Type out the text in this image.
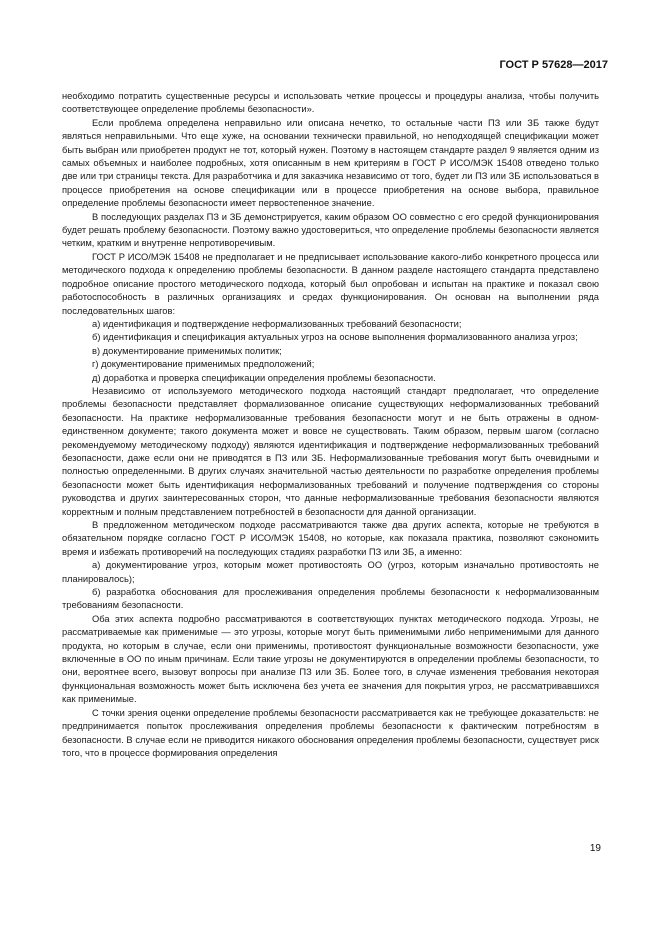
ГОСТ Р 57628—2017

необходимо потратить существенные ресурсы и использовать четкие процессы и процедуры анализа, чтобы получить соответствующее определение проблемы безопасности».

Если проблема определена неправильно или описана нечетко, то остальные части ПЗ или ЗБ также будут являться неправильными. Что еще хуже, на основании технически правильной, но неподходящей спецификации может быть выбран или приобретен продукт не тот, который нужен. Поэтому в настоящем стандарте раздел 9 является одним из самых объемных и наиболее подробных, хотя описанным в нем критериям в ГОСТ Р ИСО/МЭК 15408 отведено только две или три страницы текста. Для разработчика и для заказчика независимо от того, будет ли ПЗ или ЗБ использоваться в процессе приобретения на основе спецификации или в процессе приобретения на основе выбора, правильное определение проблемы безопасности имеет первостепенное значение.

В последующих разделах ПЗ и ЗБ демонстрируется, каким образом ОО совместно с его средой функционирования будет решать проблему безопасности. Поэтому важно удостовериться, что определение проблемы безопасности является четким, кратким и внутренне непротиворечивым.

ГОСТ Р ИСО/МЭК 15408 не предполагает и не предписывает использование какого-либо конкретного процесса или методического подхода к определению проблемы безопасности. В данном разделе настоящего стандарта представлено подробное описание простого методического подхода, который был опробован и испытан на практике и показал свою работоспособность в различных организациях и средах функционирования. Он основан на выполнении ряда последовательных шагов:

а) идентификация и подтверждение неформализованных требований безопасности;

б) идентификация и спецификация актуальных угроз на основе выполнения формализованного анализа угроз;

в) документирование применимых политик;

г) документирование применимых предположений;

д) доработка и проверка спецификации определения проблемы безопасности.

Независимо от используемого методического подхода настоящий стандарт предполагает, что определение проблемы безопасности представляет формализованное описание существующих неформализованных требований безопасности. На практике неформализованные требования безопасности могут и не быть отражены в одном-единственном документе; такого документа может и вовсе не существовать. Таким образом, первым шагом (согласно рекомендуемому методическому подходу) являются идентификация и подтверждение неформализованных требований безопасности, даже если они не приводятся в ПЗ или ЗБ. Неформализованные требования могут быть очевидными и полностью определенными. В других случаях значительной частью деятельности по разработке определения проблемы безопасности может быть идентификация неформализованных требований и получение подтверждения со стороны руководства и других заинтересованных сторон, что данные неформализованные требования безопасности являются корректным и полным представлением потребностей в безопасности для данной организации.

В предложенном методическом подходе рассматриваются также два других аспекта, которые не требуются в обязательном порядке согласно ГОСТ Р ИСО/МЭК 15408, но которые, как показала практика, позволяют сэкономить время и избежать противоречий на последующих стадиях разработки ПЗ или ЗБ, а именно:

а) документирование угроз, которым может противостоять ОО (угроз, которым изначально противостоять не планировалось);

б) разработка обоснования для прослеживания определения проблемы безопасности к неформализованным требованиям безопасности.

Оба этих аспекта подробно рассматриваются в соответствующих пунктах методического подхода. Угрозы, не рассматриваемые как применимые — это угрозы, которые могут быть применимыми либо неприменимыми для данного продукта, но которым в случае, если они применимы, противостоят функциональные возможности безопасности, уже включенные в ОО по иным причинам. Если такие угрозы не документируются в определении проблемы безопасности, то они, вероятнее всего, вызовут вопросы при анализе ПЗ или ЗБ. Более того, в случае изменения требования некоторая функциональная возможность может быть исключена без учета ее значения для покрытия угроз, не рассматривавшихся как применимые.

С точки зрения оценки определение проблемы безопасности рассматривается как не требующее доказательств: не предпринимается попыток прослеживания определения проблемы безопасности к фактическим потребностям в безопасности. В случае если не приводится никакого обоснования определения проблемы безопасности, существует риск того, что в процессе формирования определения

19
